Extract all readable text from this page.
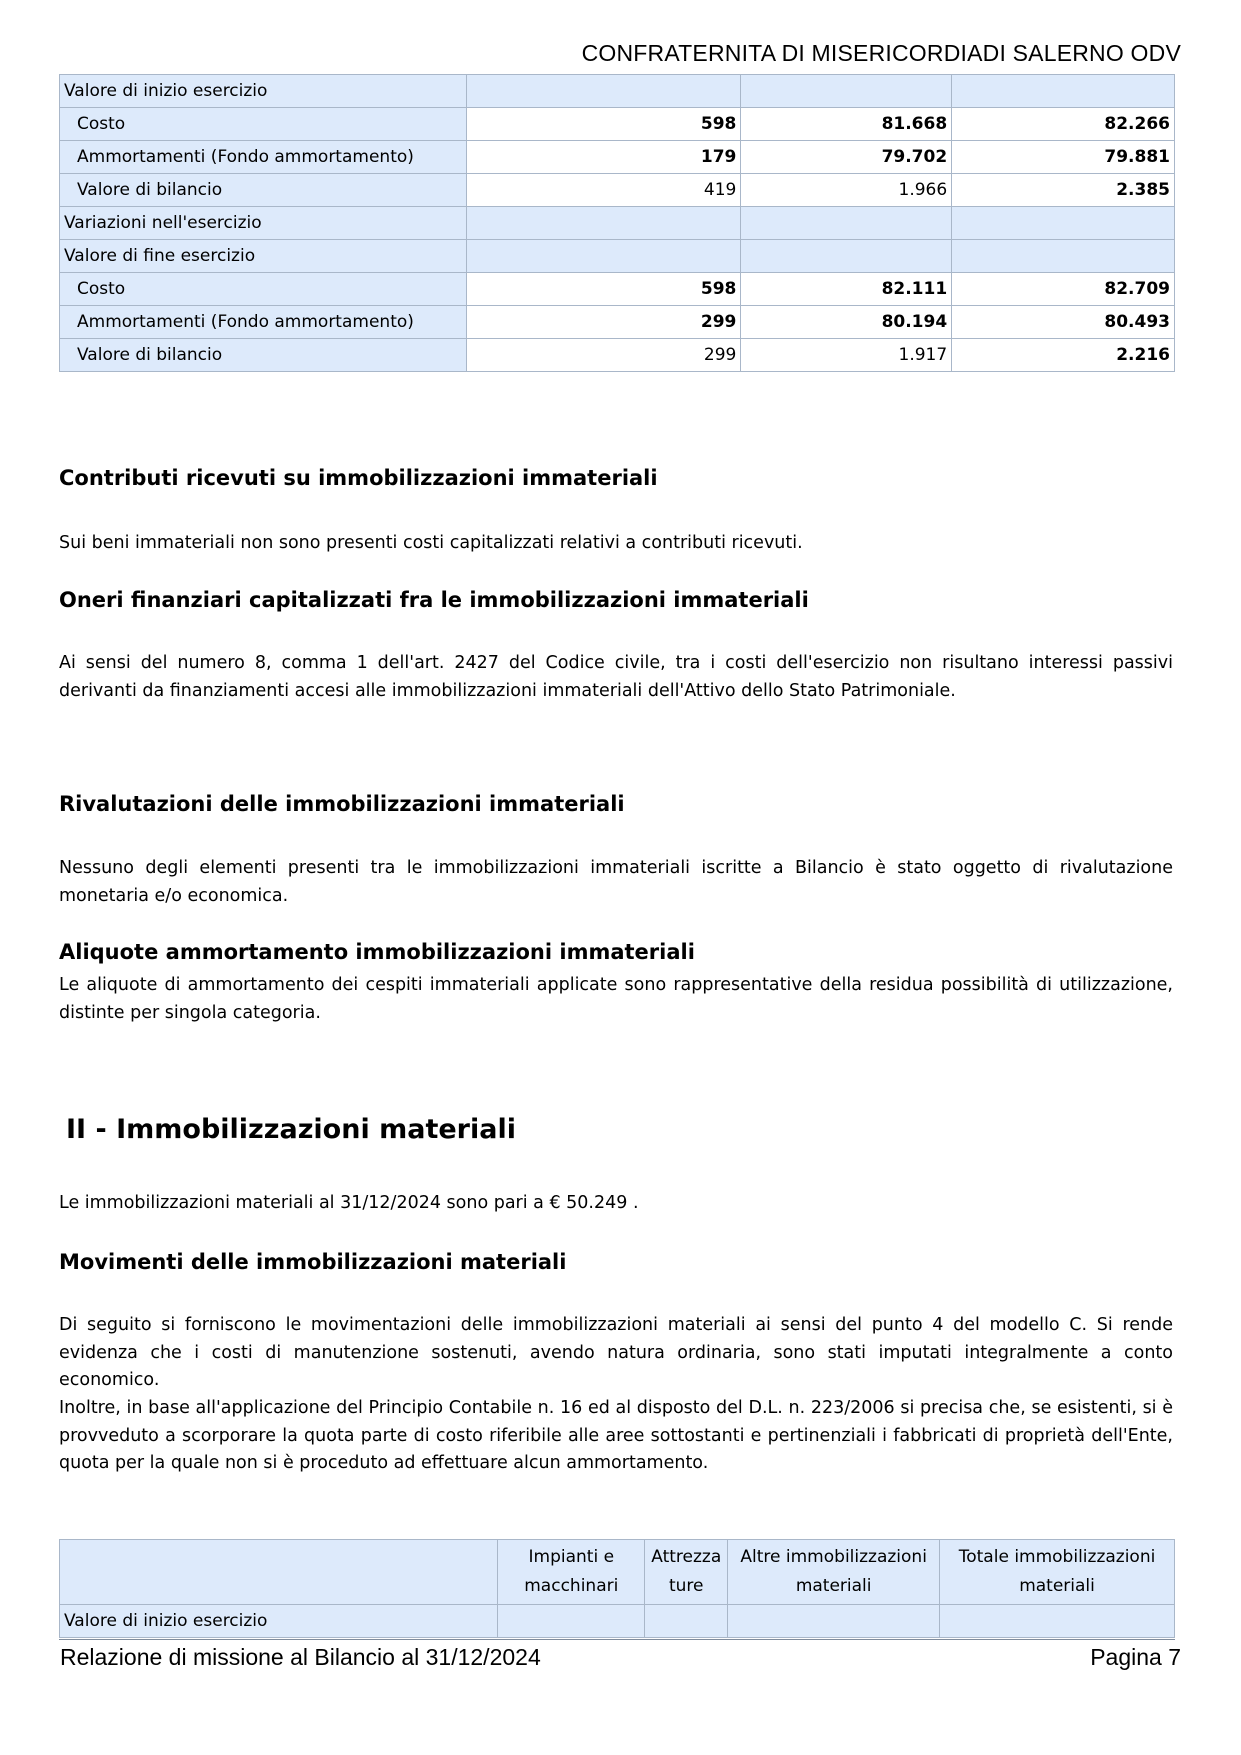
CONFRATERNITA DI MISERICORDIADI SALERNO ODV
Valore di inizio esercizio			
Costo	598	81.668	82.266
Ammortamenti (Fondo ammortamento)	179	79.702	79.881
Valore di bilancio	419	1.966	2.385
Variazioni nell'esercizio			
Valore di fine esercizio			
Costo	598	82.111	82.709
Ammortamenti (Fondo ammortamento)	299	80.194	80.493
Valore di bilancio	299	1.917	2.216
Contributi ricevuti su immobilizzazioni immateriali

Sui beni immateriali non sono presenti costi capitalizzati relativi a contributi ricevuti.

Oneri finanziari capitalizzati fra le immobilizzazioni immateriali

Ai sensi del numero 8, comma 1 dell'art. 2427 del Codice civile, tra i costi dell'esercizio non risultano interessi passivi derivanti da finanziamenti accesi alle immobilizzazioni immateriali dell'Attivo dello Stato Patrimoniale.

Rivalutazioni delle immobilizzazioni immateriali

Nessuno degli elementi presenti tra le immobilizzazioni immateriali iscritte a Bilancio è stato oggetto di rivalutazione monetaria e/o economica.

Aliquote ammortamento immobilizzazioni immateriali

Le aliquote di ammortamento dei cespiti immateriali applicate sono rappresentative della residua possibilità di utilizzazione, distinte per singola categoria.

II - Immobilizzazioni materiali

Le immobilizzazioni materiali al 31/12/2024 sono pari a € 50.249 .

Movimenti delle immobilizzazioni materiali

Di seguito si forniscono le movimentazioni delle immobilizzazioni materiali ai sensi del punto 4 del modello C. Si rende evidenza che i costi di manutenzione sostenuti, avendo natura ordinaria, sono stati imputati integralmente a conto economico.

Inoltre, in base all'applicazione del Principio Contabile n. 16 ed al disposto del D.L. n. 223/2006 si precisa che, se esistenti, si è provveduto a scorporare la quota parte di costo riferibile alle aree sottostanti e pertinenziali i fabbricati di proprietà dell'Ente, quota per la quale non si è proceduto ad effettuare alcun ammortamento.

	Impianti e macchinari	Attrezza ture	Altre immobilizzazioni materiali	Totale immobilizzazioni materiali
Valore di inizio esercizio				
Relazione di missione al Bilancio al 31/12/2024	Pagina 7
